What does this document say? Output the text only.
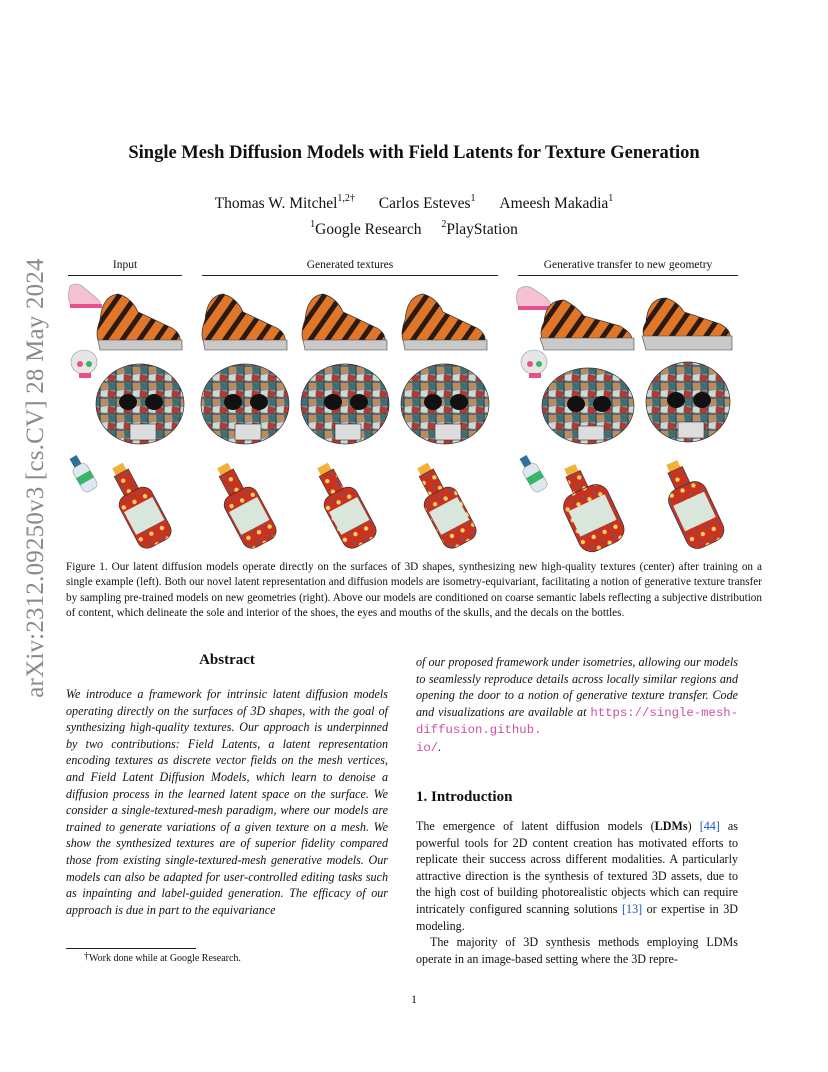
arXiv:2312.09250v3 [cs.CV] 28 May 2024
Single Mesh Diffusion Models with Field Latents for Texture Generation
Thomas W. Mitchel$^{1,2\dagger}$ Carlos Esteves$^1$ Ameesh Makadia$^1$
$^1$Google Research $^2$PlayStation
Input	Generated textures	Generative transfer to new geometry
Figure 1. Our latent diffusion models operate directly on the surfaces of 3D shapes, synthesizing new high-quality textures (center) after training on a single example (left). Both our novel latent representation and diffusion models are isometry-equivariant, facilitating a notion of generative texture transfer by sampling pre-trained models on new geometries (right). Above our models are conditioned on coarse semantic labels reflecting a subjective distribution of content, which delineate the sole and interior of the shoes, the eyes and mouths of the skulls, and the decals on the bottles.
Abstract
We introduce a framework for intrinsic latent diffusion models operating directly on the surfaces of 3D shapes, with the goal of synthesizing high-quality textures. Our approach is underpinned by two contributions: Field Latents, a latent representation encoding textures as discrete vector fields on the mesh vertices, and Field Latent Diffusion Models, which learn to denoise a diffusion process in the learned latent space on the surface. We consider a single-textured-mesh paradigm, where our models are trained to generate variations of a given texture on a mesh. We show the synthesized textures are of superior fidelity compared those from existing single-textured-mesh generative models. Our models can also be adapted for user-controlled editing tasks such as inpainting and label-guided generation. The efficacy of our approach is due in part to the equivariance
of our proposed framework under isometries, allowing our models to seamlessly reproduce details across locally similar regions and opening the door to a notion of generative texture transfer. Code and visualizations are available at https://single-mesh-diffusion.github.
io/.
1. Introduction

The emergence of latent diffusion models (LDMs) [44] as powerful tools for 2D content creation has motivated efforts to replicate their success across different modalities. A particularly attractive direction is the synthesis of textured 3D assets, due to the high cost of building photorealistic objects which can require intricately configured scanning solutions [13] or expertise in 3D modeling.

The majority of 3D synthesis methods employing LDMs operate in an image-based setting where the 3D repre-

†Work done while at Google Research.
1
